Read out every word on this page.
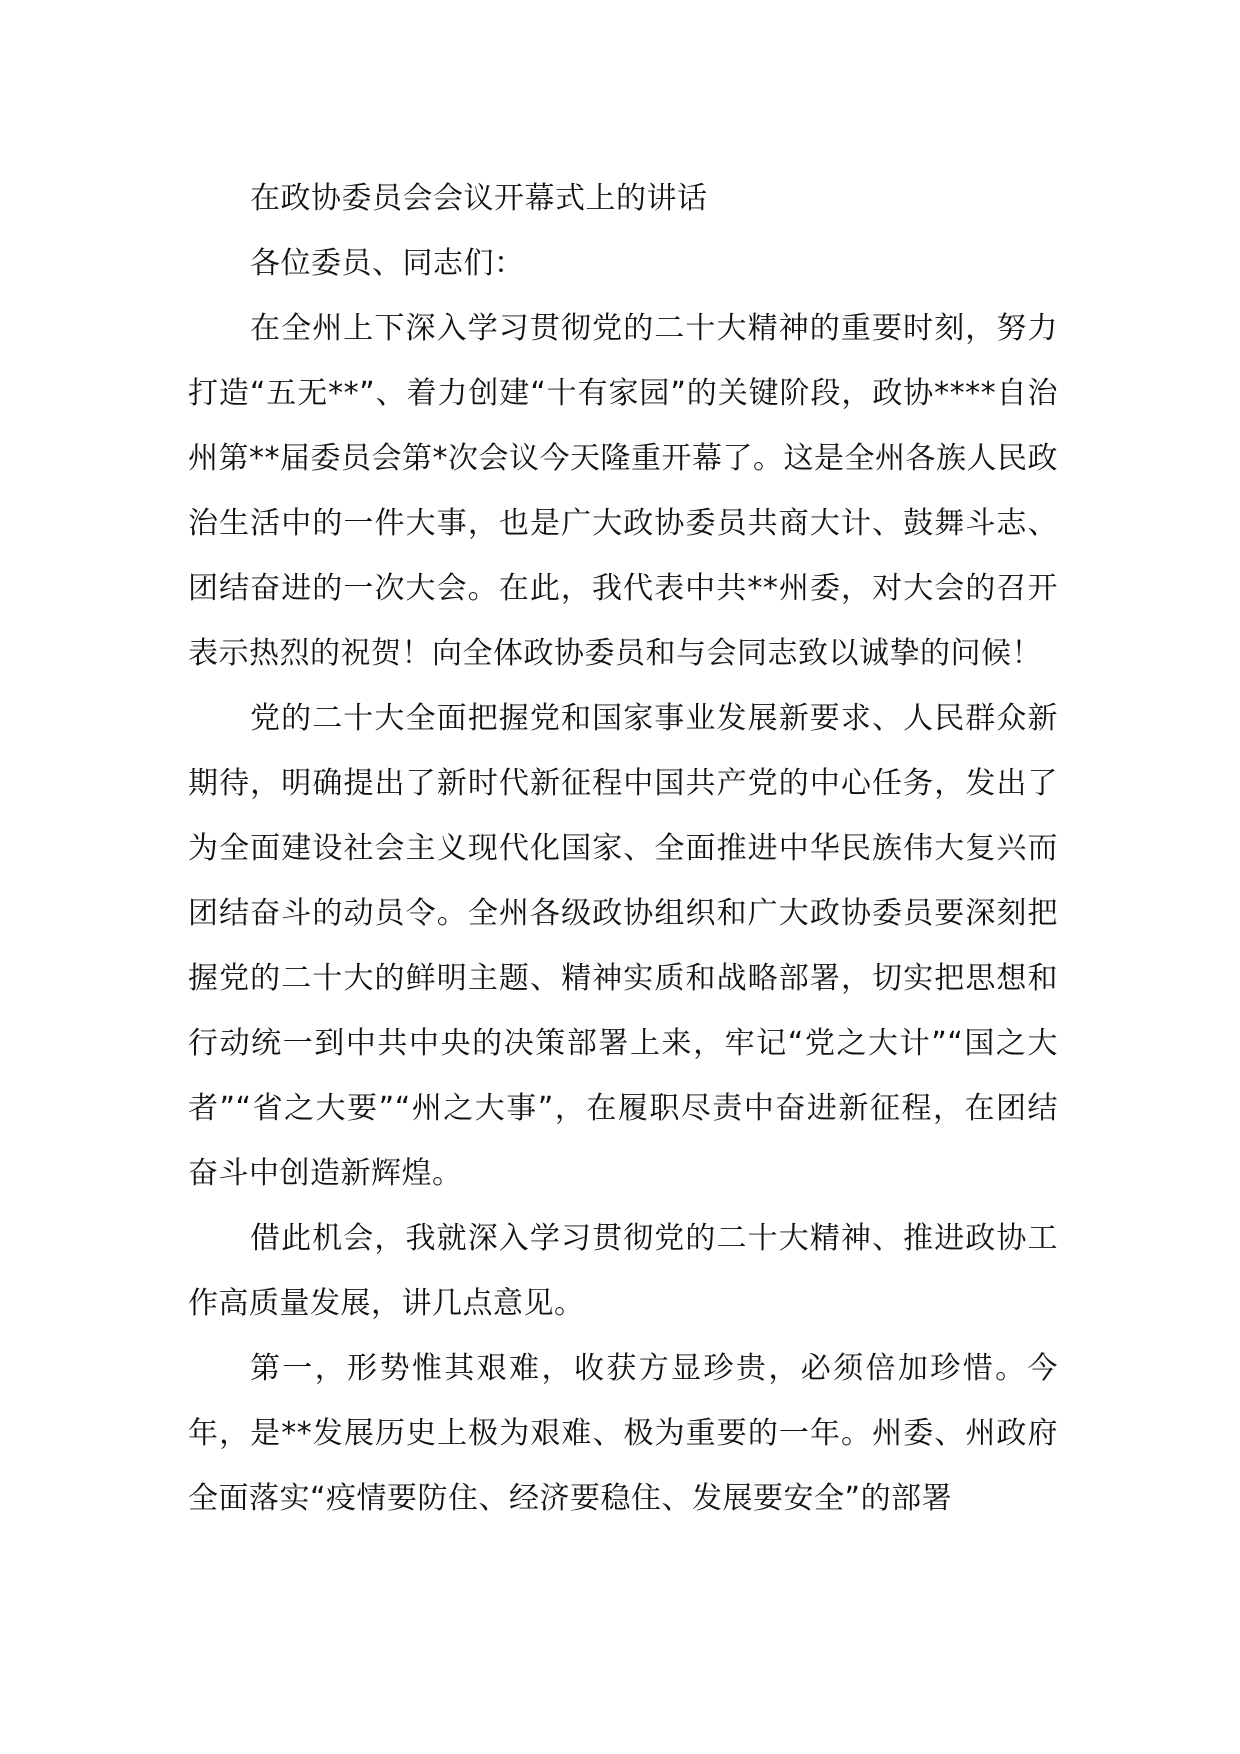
在政协委员会会议开幕式上的讲话

各位委员、同志们：

在全州上下深入学习贯彻党的二十大精神的重要时刻，努力打造“五无**”、着力创建“十有家园”的关键阶段，政协****自治州第**届委员会第*次会议今天隆重开幕了。这是全州各族人民政治生活中的一件大事，也是广大政协委员共商大计、鼓舞斗志、团结奋进的一次大会。在此，我代表中共**州委，对大会的召开表示热烈的祝贺！向全体政协委员和与会同志致以诚挚的问候！

党的二十大全面把握党和国家事业发展新要求、人民群众新期待，明确提出了新时代新征程中国共产党的中心任务，发出了为全面建设社会主义现代化国家、全面推进中华民族伟大复兴而团结奋斗的动员令。全州各级政协组织和广大政协委员要深刻把握党的二十大的鲜明主题、精神实质和战略部署，切实把思想和行动统一到中共中央的决策部署上来，牢记“党之大计”“国之大者”“省之大要”“州之大事”，在履职尽责中奋进新征程，在团结奋斗中创造新辉煌。

借此机会，我就深入学习贯彻党的二十大精神、推进政协工作高质量发展，讲几点意见。

第一，形势惟其艰难，收获方显珍贵，必须倍加珍惜。今年，是**发展历史上极为艰难、极为重要的一年。州委、州政府全面落实“疫情要防住、经济要稳住、发展要安全”的部署
